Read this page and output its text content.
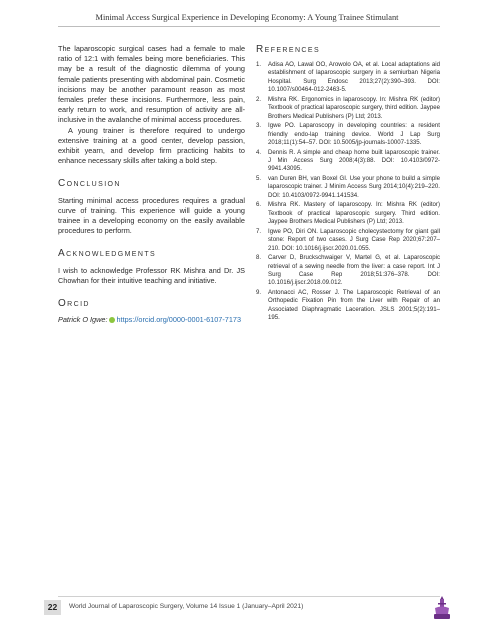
Minimal Access Surgical Experience in Developing Economy: A Young Trainee Stimulant

The laparoscopic surgical cases had a female to male ratio of 12:1 with females being more beneficiaries. This may be a result of the diagnostic dilemma of young female patients presenting with abdominal pain. Cosmetic incisions may be another paramount reason as most females prefer these incisions. Furthermore, less pain, early return to work, and resumption of activity are all-inclusive in the avalanche of minimal access procedures.

A young trainer is therefore required to undergo extensive training at a good center, develop passion, exhibit yearn, and develop firm practicing habits to enhance necessary skills after taking a bold step.

Conclusion

Starting minimal access procedures requires a gradual curve of training. This experience will guide a young trainee in a developing economy on the easily available procedures to perform.

Acknowledgments

I wish to acknowledge Professor RK Mishra and Dr. JS Chowhan for their intuitive teaching and initiative.

Orcid

Patrick O Igwe: https://orcid.org/0000-0001-6107-7173

References
1. Adisa AO, Lawal OO, Arowolo OA, et al. Local adaptations aid establishment of laparoscopic surgery in a semiurban Nigeria Hospital. Surg Endosc 2013;27(2):390–393. DOI: 10.1007/s00464-012-2463-5.
2. Mishra RK. Ergonomics in laparoscopy. In: Mishra RK (editor) Textbook of practical laparoscopic surgery, third edition. Jaypee Brothers Medical Publishers (P) Ltd; 2013.
3. Igwe PO. Laparoscopy in developing countries: a resident friendly endo-lap training device. World J Lap Surg 2018;11(1):54–57. DOI: 10.5005/jp-journals-10007-1335.
4. Dennis R. A simple and cheap home built laparoscopic trainer. J Min Access Surg 2008;4(3):88. DOI: 10.4103/0972-9941.43095.
5. van Duren BH, van Boxel GI. Use your phone to build a simple laparoscopic trainer. J Minim Access Surg 2014;10(4):219–220. DOI: 10.4103/0972-9941.141534.
6. Mishra RK. Mastery of laparoscopy. In: Mishra RK (editor) Textbook of practical laparoscopic surgery. Third edition. Jaypee Brothers Medical Publishers (P) Ltd; 2013.
7. Igwe PO, Diri ON. Laparoscopic cholecystectomy for giant gall stone: Report of two cases. J Surg Case Rep 2020;67:207–210. DOI: 10.1016/j.ijscr.2020.01.055.
8. Carver D, Bruckschwaiger V, Martel G, et al. Laparoscopic retrieval of a sewing needle from the liver: a case report. Int J Surg Case Rep 2018;51:376–378. DOI: 10.1016/j.ijscr.2018.09.012.
9. Antonacci AC, Rosser J. The Laparoscopic Retrieval of an Orthopedic Fixation Pin from the Liver with Repair of an Associated Diaphragmatic Laceration. JSLS 2001;5(2):191–195.
22	World Journal of Laparoscopic Surgery, Volume 14 Issue 1 (January–April 2021)
